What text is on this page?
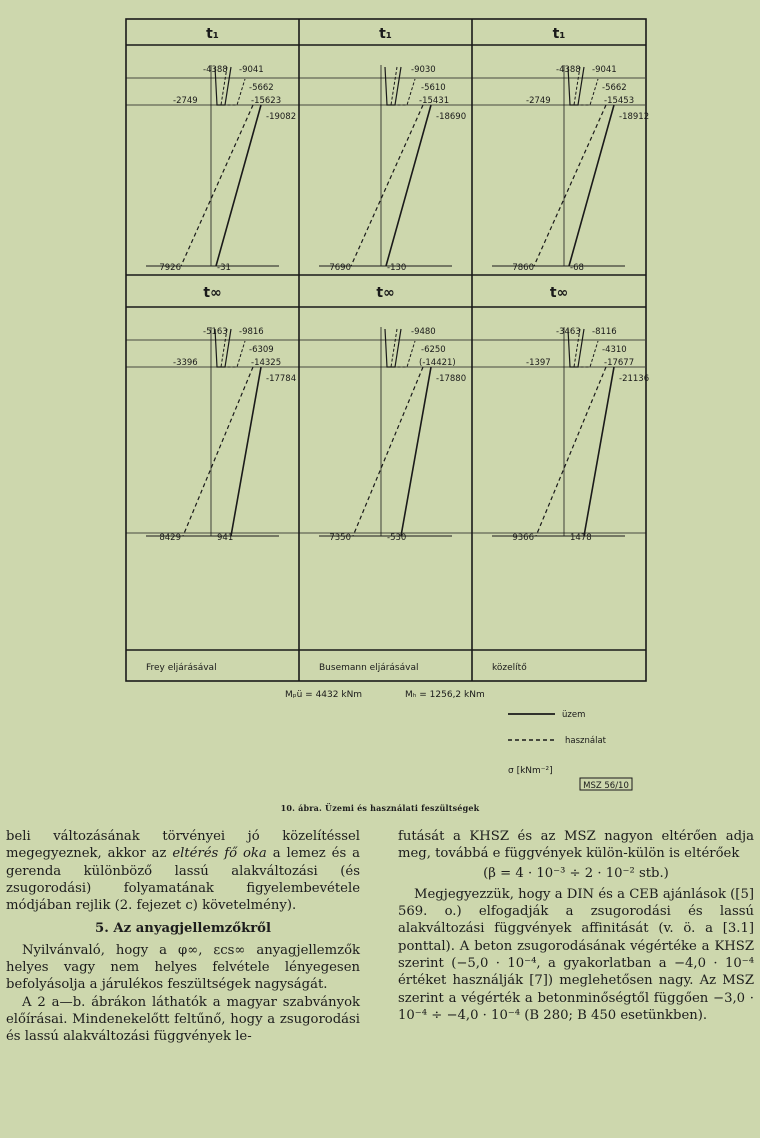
t₁	t₁	t₁
t∞	t∞	t∞
-4388 -9041
-5662
-2749	-15623
-19082
7926	-31
-9030
-5610
-15431
-18690
7690	-130
-4388 -9041
-5662
-2749	-15453
-18912
7860	-68
-5163 -9816
-6309
-3396	-14325
-17784
8429	941
-9480
-6250
(-14421)
-17880
7350	-530
-3463 -8116
-4310
-1397	-17677
-21136
9366	1478
Frey eljárásával	Busemann eljárásával	közelítő
Mₚü = 4432 kNm	Mₕ = 1256,2 kNm
üzem
használat
σ [kNm⁻²]
MSZ 56/10
10. ábra. Üzemi és használati feszültségek

beli változásának törvényei jó közelítéssel megegyeznek, akkor az eltérés fő oka a lemez és a gerenda különböző lassú alakváltozási (és zsugorodási) folyamatának figyelembevétele módjában rejlik (2. fejezet c) követelmény).

5. Az anyagjellemzőkről

Nyilvánvaló, hogy a φ∞, εcs∞ anyagjellemzők helyes vagy nem helyes felvétele lényegesen befolyásolja a járulékos feszültségek nagyságát.

A 2 a—b. ábrákon láthatók a magyar szabványok előírásai. Mindenekelőtt feltűnő, hogy a zsugorodási és lassú alakváltozási függvények le-

futását a KHSZ és az MSZ nagyon eltérően adja meg, továbbá e függvények külön-külön is eltérőek

(β = 4 · 10⁻³ ÷ 2 · 10⁻² stb.)

Megjegyezzük, hogy a DIN és a CEB ajánlások ([5] 569. o.) elfogadják a zsugorodási és lassú alakváltozási függvények affinitását (v. ö. a [3.1] ponttal). A beton zsugorodásának végértéke a KHSZ szerint (−5,0 · 10⁻⁴, a gyakorlatban a −4,0 · 10⁻⁴ értéket használják [7]) meglehetősen nagy. Az MSZ szerint a végérték a betonminőségtől függően −3,0 · 10⁻⁴ ÷ −4,0 · 10⁻⁴ (B 280; B 450 esetünkben).
